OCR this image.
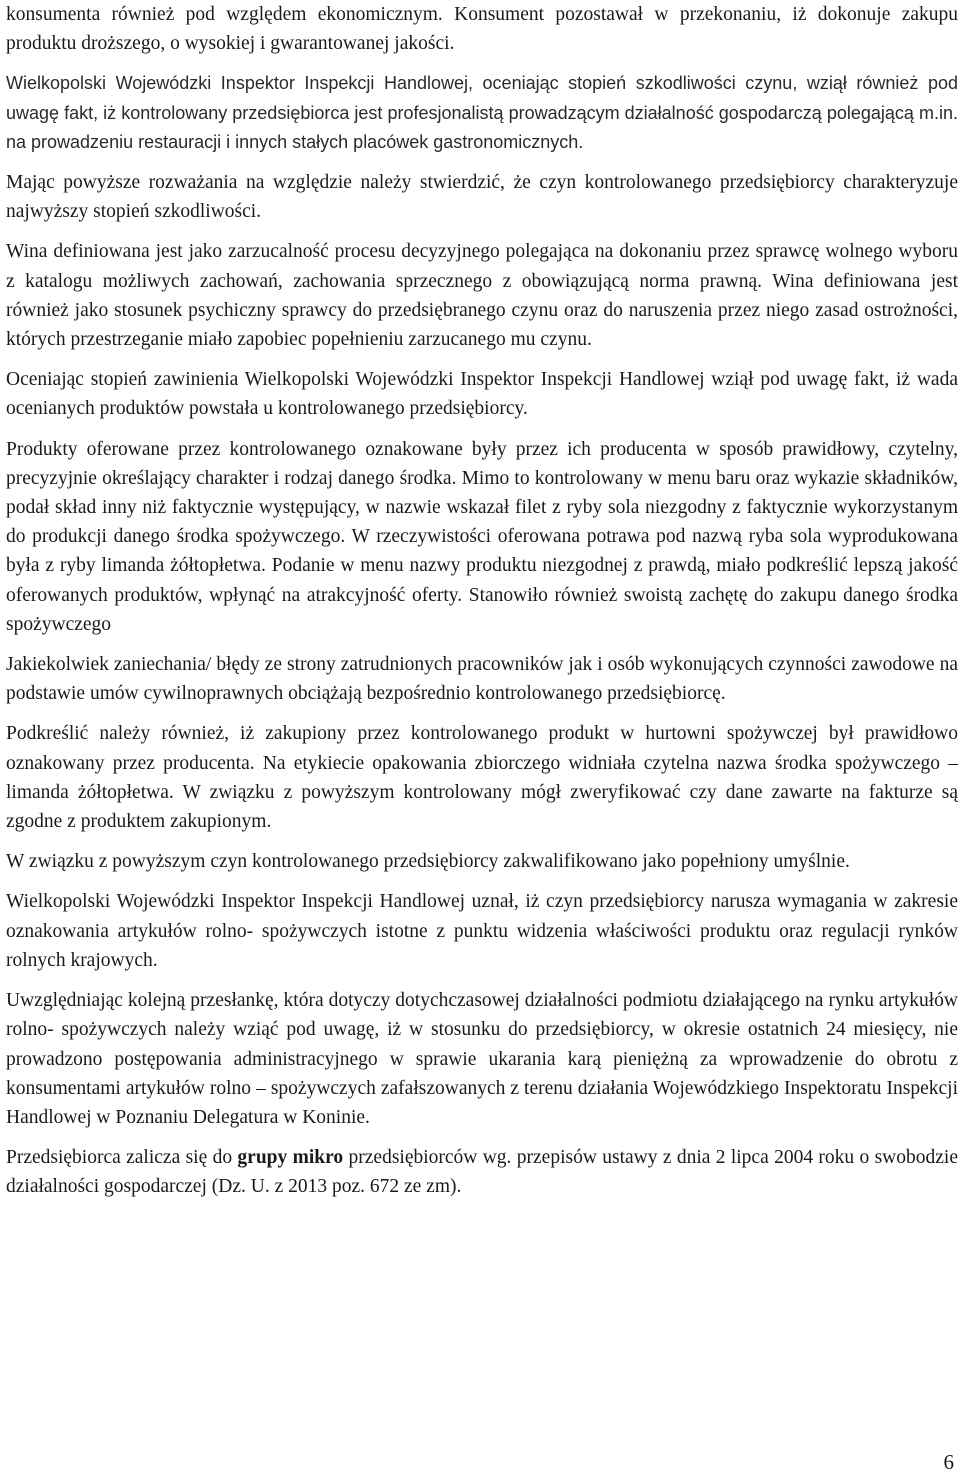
konsumenta również pod względem ekonomicznym. Konsument pozostawał w przekonaniu, iż dokonuje zakupu produktu droższego, o wysokiej i gwarantowanej jakości.

Wielkopolski Wojewódzki Inspektor Inspekcji Handlowej, oceniając stopień szkodliwości czynu, wziął również pod uwagę fakt, iż kontrolowany przedsiębiorca jest profesjonalistą prowadzącym działalność gospodarczą polegającą m.in. na prowadzeniu restauracji i innych stałych placówek gastronomicznych.

Mając powyższe rozważania na względzie należy stwierdzić, że czyn kontrolowanego przedsiębiorcy charakteryzuje najwyższy stopień szkodliwości.

Wina definiowana jest jako zarzucalność procesu decyzyjnego polegająca na dokonaniu przez sprawcę wolnego wyboru z katalogu możliwych zachowań, zachowania sprzecznego z obowiązującą norma prawną. Wina definiowana jest również jako stosunek psychiczny sprawcy do przedsiębranego czynu oraz do naruszenia przez niego zasad ostrożności, których przestrzeganie miało zapobiec popełnieniu zarzucanego mu czynu.

Oceniając stopień zawinienia Wielkopolski Wojewódzki Inspektor Inspekcji Handlowej wziął pod uwagę fakt, iż wada ocenianych produktów powstała u kontrolowanego przedsiębiorcy.

Produkty oferowane przez kontrolowanego oznakowane były przez ich producenta w sposób prawidłowy, czytelny, precyzyjnie określający charakter i rodzaj danego środka. Mimo to kontrolowany w menu baru oraz wykazie składników, podał skład inny niż faktycznie występujący, w nazwie wskazał filet z ryby sola niezgodny z faktycznie wykorzystanym do produkcji danego środka spożywczego. W rzeczywistości oferowana potrawa pod nazwą ryba sola wyprodukowana była z ryby limanda żółtopłetwa. Podanie w menu nazwy produktu niezgodnej z prawdą, miało podkreślić lepszą jakość oferowanych produktów, wpłynąć na atrakcyjność oferty. Stanowiło również swoistą zachętę do zakupu danego środka spożywczego

Jakiekolwiek zaniechania/ błędy ze strony zatrudnionych pracowników jak i osób wykonujących czynności zawodowe na podstawie umów cywilnoprawnych obciążają bezpośrednio kontrolowanego przedsiębiorcę.

Podkreślić należy również, iż zakupiony przez kontrolowanego produkt w hurtowni spożywczej był prawidłowo oznakowany przez producenta. Na etykiecie opakowania zbiorczego widniała czytelna nazwa środka spożywczego – limanda żółtopłetwa. W związku z powyższym kontrolowany mógł zweryfikować czy dane zawarte na fakturze są zgodne z produktem zakupionym.

W związku z powyższym czyn kontrolowanego przedsiębiorcy zakwalifikowano jako popełniony umyślnie.

Wielkopolski Wojewódzki Inspektor Inspekcji Handlowej uznał, iż czyn przedsiębiorcy narusza wymagania w zakresie oznakowania artykułów rolno- spożywczych istotne z punktu widzenia właściwości produktu oraz regulacji rynków rolnych krajowych.

Uwzględniając kolejną przesłankę, która dotyczy dotychczasowej działalności podmiotu działającego na rynku artykułów rolno- spożywczych należy wziąć pod uwagę, iż w stosunku do przedsiębiorcy, w okresie ostatnich 24 miesięcy, nie prowadzono postępowania administracyjnego w sprawie ukarania karą pieniężną za wprowadzenie do obrotu z konsumentami artykułów rolno – spożywczych zafałszowanych z terenu działania Wojewódzkiego Inspektoratu Inspekcji Handlowej w Poznaniu Delegatura w Koninie.

Przedsiębiorca zalicza się do grupy mikro przedsiębiorców wg. przepisów ustawy z dnia 2 lipca 2004 roku o swobodzie działalności gospodarczej (Dz. U. z 2013 poz. 672 ze zm).

6
